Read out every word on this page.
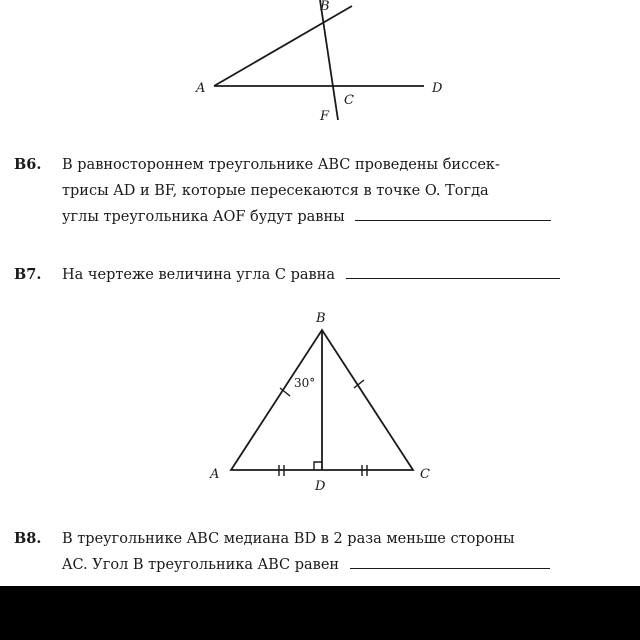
A
B
C
D
F
30°
B
A	C
D
B6. В равностороннем треугольнике ABC проведены биссек-
трисы AD и BF, которые пересекаются в точке O. Тогда
углы треугольника AOF будут равны
B7. На чертеже величина угла C равна
B8. В треугольнике ABC медиана BD в 2 раза меньше стороны
AC. Угол B треугольника ABC равен
